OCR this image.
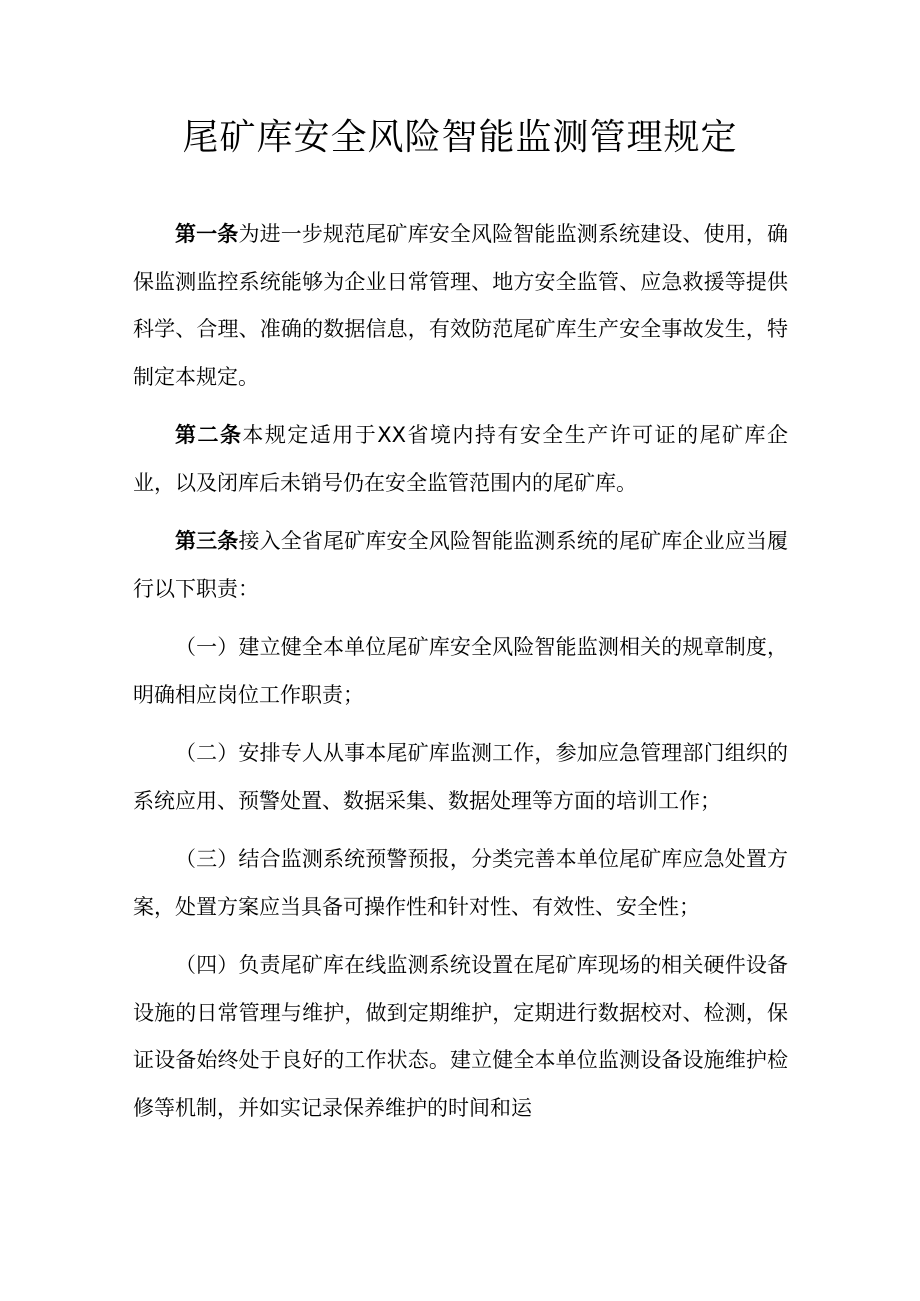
尾矿库安全风险智能监测管理规定

第一条为进一步规范尾矿库安全风险智能监测系统建设、使用，确保监测监控系统能够为企业日常管理、地方安全监管、应急救援等提供科学、合理、准确的数据信息，有效防范尾矿库生产安全事故发生，特制定本规定。

第二条本规定适用于XX省境内持有安全生产许可证的尾矿库企业，以及闭库后未销号仍在安全监管范围内的尾矿库。

第三条接入全省尾矿库安全风险智能监测系统的尾矿库企业应当履行以下职责：

（一）建立健全本单位尾矿库安全风险智能监测相关的规章制度，明确相应岗位工作职责；

（二）安排专人从事本尾矿库监测工作，参加应急管理部门组织的系统应用、预警处置、数据采集、数据处理等方面的培训工作；

（三）结合监测系统预警预报，分类完善本单位尾矿库应急处置方案，处置方案应当具备可操作性和针对性、有效性、安全性；

（四）负责尾矿库在线监测系统设置在尾矿库现场的相关硬件设备设施的日常管理与维护，做到定期维护，定期进行数据校对、检测，保证设备始终处于良好的工作状态。建立健全本单位监测设备设施维护检修等机制，并如实记录保养维护的时间和运
